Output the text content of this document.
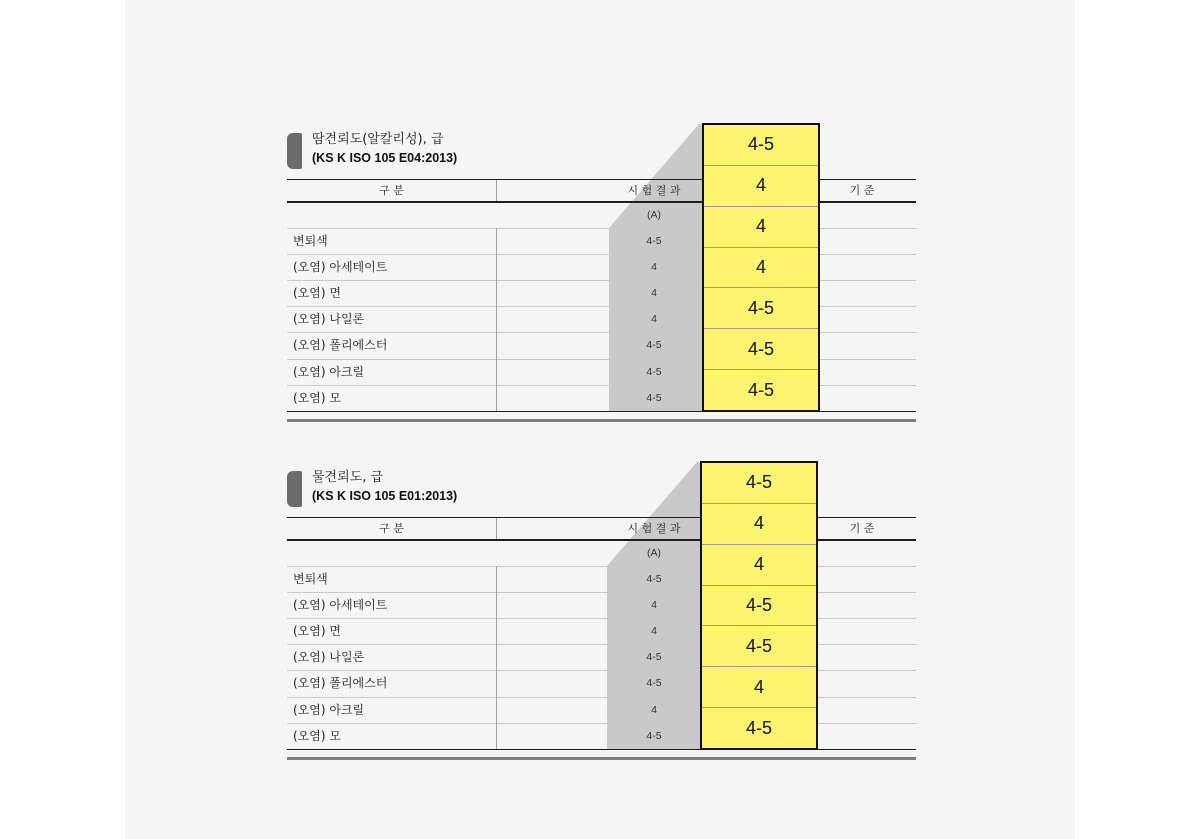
땀견뢰도(알칼리성), 급
(KS K ISO 105 E04:2013)
구 분	시 험 결 과	기 준
(A)
변퇴색	4-5
(오염) 아세테이트	4
(오염) 면	4
(오염) 나일론	4
(오염) 폴리에스터	4-5
(오염) 아크릴	4-5
(오염) 모	4-5
4-5
4
4
4
4-5
4-5
4-5
물견뢰도, 급
(KS K ISO 105 E01:2013)
구 분	시 험 결 과	기 준
(A)
변퇴색	4-5
(오염) 아세테이트	4
(오염) 면	4
(오염) 나일론	4-5
(오염) 폴리에스터	4-5
(오염) 아크릴	4
(오염) 모	4-5
4-5
4
4
4-5
4-5
4
4-5
